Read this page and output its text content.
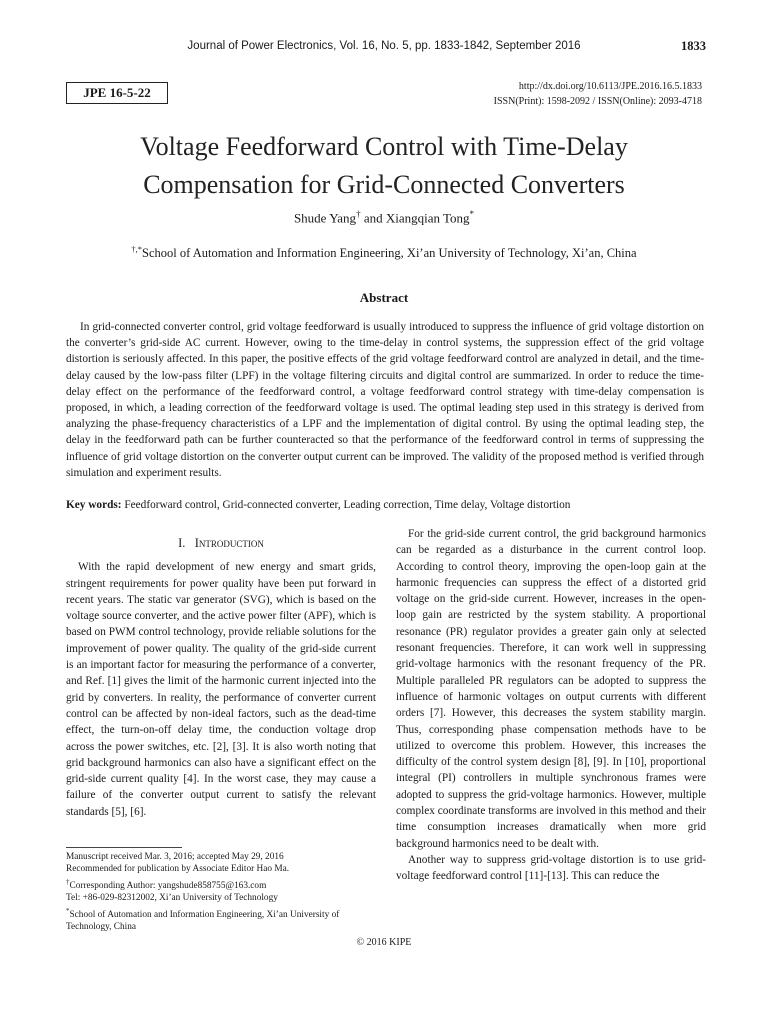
Journal of Power Electronics, Vol. 16, No. 5, pp. 1833-1842, September 2016	1833
JPE 16-5-22	http://dx.doi.org/10.6113/JPE.2016.16.5.1833
ISSN(Print): 1598-2092 / ISSN(Online): 2093-4718
Voltage Feedforward Control with Time-Delay
Compensation for Grid-Connected Converters
Shude Yang† and Xiangqian Tong*
†,*School of Automation and Information Engineering, Xi’an University of Technology, Xi’an, China
Abstract

In grid-connected converter control, grid voltage feedforward is usually introduced to suppress the influence of grid voltage distortion on the converter’s grid-side AC current. However, owing to the time-delay in control systems, the suppression effect of the grid voltage distortion is seriously affected. In this paper, the positive effects of the grid voltage feedforward control are analyzed in detail, and the time-delay caused by the low-pass filter (LPF) in the voltage filtering circuits and digital control are summarized. In order to reduce the time-delay effect on the performance of the feedforward control, a voltage feedforward control strategy with time-delay compensation is proposed, in which, a leading correction of the feedforward voltage is used. The optimal leading step used in this strategy is derived from analyzing the phase-frequency characteristics of a LPF and the implementation of digital control. By using the optimal leading step, the delay in the feedforward path can be further counteracted so that the performance of the feedforward control in terms of suppressing the influence of grid voltage distortion on the converter output current can be improved. The validity of the proposed method is verified through simulation and experiment results.

Key words: Feedforward control, Grid-connected converter, Leading correction, Time delay, Voltage distortion
I. Introduction

With the rapid development of new energy and smart grids, stringent requirements for power quality have been put forward in recent years. The static var generator (SVG), which is based on the voltage source converter, and the active power filter (APF), which is based on PWM control technology, provide reliable solutions for the improvement of power quality. The quality of the grid-side current is an important factor for measuring the performance of a converter, and Ref. [1] gives the limit of the harmonic current injected into the grid by converters. In reality, the performance of converter current control can be affected by non-ideal factors, such as the dead-time effect, the turn-on-off delay time, the conduction voltage drop across the power switches, etc. [2], [3]. It is also worth noting that grid background harmonics can also have a significant effect on the grid-side current quality [4]. In the worst case, they may cause a failure of the converter output current to satisfy the relevant standards [5], [6].

For the grid-side current control, the grid background harmonics can be regarded as a disturbance in the current control loop. According to control theory, improving the open-loop gain at the harmonic frequencies can suppress the effect of a distorted grid voltage on the grid-side current. However, increases in the open-loop gain are restricted by the system stability. A proportional resonance (PR) regulator provides a greater gain only at selected resonant frequencies. Therefore, it can work well in suppressing grid-voltage harmonics with the resonant frequency of the PR. Multiple paralleled PR regulators can be adopted to suppress the influence of harmonic voltages on output currents with different orders [7]. However, this decreases the system stability margin. Thus, corresponding phase compensation methods have to be utilized to overcome this problem. However, this increases the difficulty of the control system design [8], [9]. In [10], proportional integral (PI) controllers in multiple synchronous frames were adopted to suppress the grid-voltage harmonics. However, multiple complex coordinate transforms are involved in this method and their time consumption increases dramatically when more grid background harmonics need to be dealt with.

Another way to suppress grid-voltage distortion is to use grid-voltage feedforward control [11]-[13]. This can reduce the

Manuscript received Mar. 3, 2016; accepted May 29, 2016
Recommended for publication by Associate Editor Hao Ma.
†Corresponding Author: yangshude858755@163.com
Tel: +86-029-82312002, Xi’an University of Technology
*School of Automation and Information Engineering, Xi’an University of Technology, China
© 2016 KIPE
